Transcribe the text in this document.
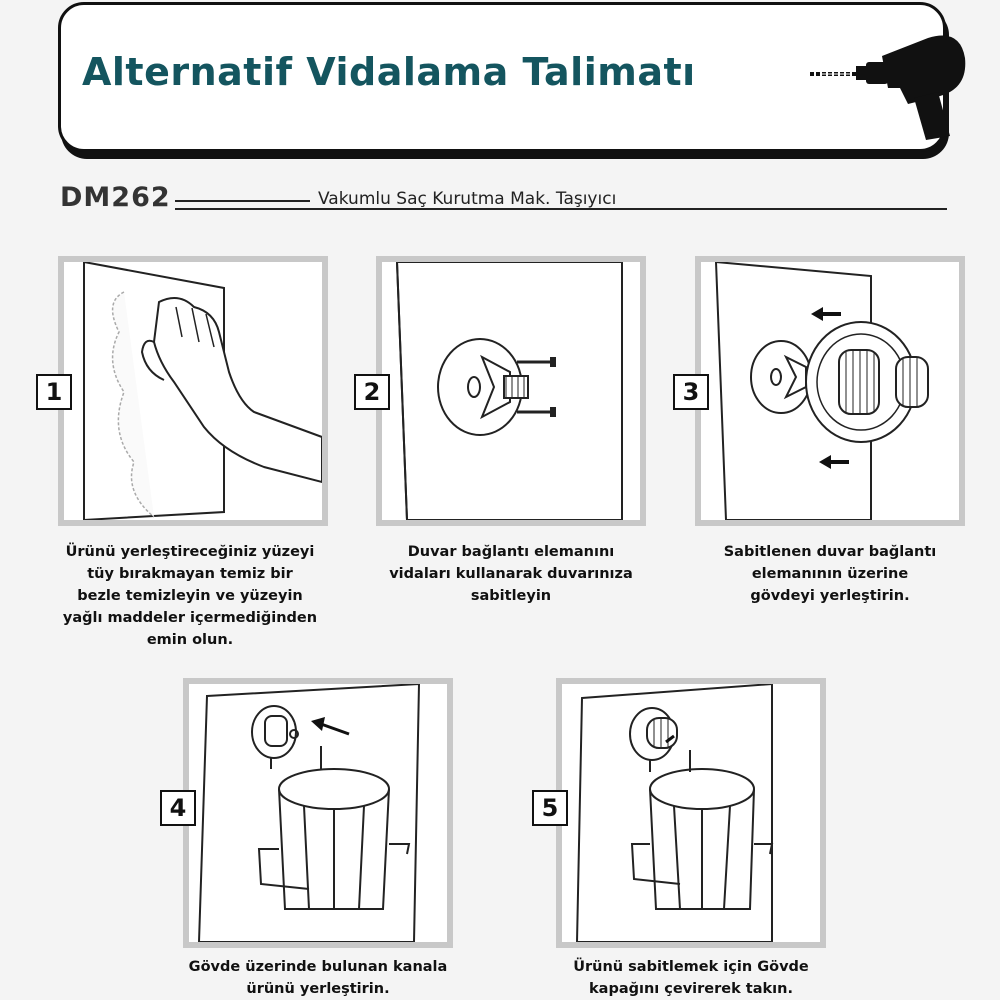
Alternatif Vidalama Talimatı
DM262	Vakumlu Saç Kurutma Mak. Taşıyıcı
1	2	3
4	5
Ürünü yerleştireceğiniz yüzeyi
tüy bırakmayan temiz bir
bezle temizleyin ve yüzeyin
yağlı maddeler içermediğinden
emin olun.
Duvar bağlantı elemanını
vidaları kullanarak duvarınıza
sabitleyin
Sabitlenen duvar bağlantı
elemanının üzerine
gövdeyi yerleştirin.
Gövde üzerinde bulunan kanala
ürünü yerleştirin.
Ürünü sabitlemek için Gövde
kapağını çevirerek takın.
